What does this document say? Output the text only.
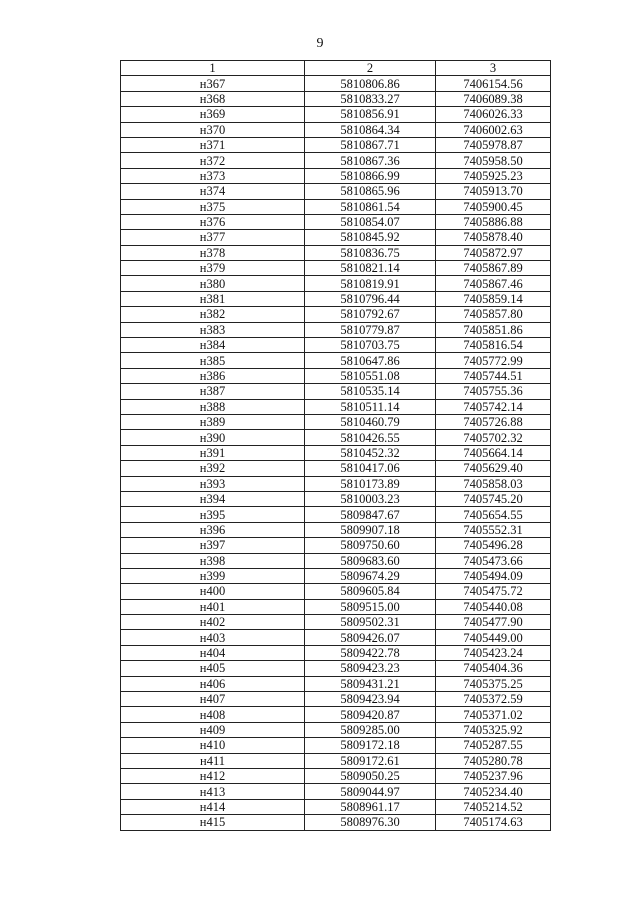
9
1	2	3
н367	5810806.86	7406154.56
н368	5810833.27	7406089.38
н369	5810856.91	7406026.33
н370	5810864.34	7406002.63
н371	5810867.71	7405978.87
н372	5810867.36	7405958.50
н373	5810866.99	7405925.23
н374	5810865.96	7405913.70
н375	5810861.54	7405900.45
н376	5810854.07	7405886.88
н377	5810845.92	7405878.40
н378	5810836.75	7405872.97
н379	5810821.14	7405867.89
н380	5810819.91	7405867.46
н381	5810796.44	7405859.14
н382	5810792.67	7405857.80
н383	5810779.87	7405851.86
н384	5810703.75	7405816.54
н385	5810647.86	7405772.99
н386	5810551.08	7405744.51
н387	5810535.14	7405755.36
н388	5810511.14	7405742.14
н389	5810460.79	7405726.88
н390	5810426.55	7405702.32
н391	5810452.32	7405664.14
н392	5810417.06	7405629.40
н393	5810173.89	7405858.03
н394	5810003.23	7405745.20
н395	5809847.67	7405654.55
н396	5809907.18	7405552.31
н397	5809750.60	7405496.28
н398	5809683.60	7405473.66
н399	5809674.29	7405494.09
н400	5809605.84	7405475.72
н401	5809515.00	7405440.08
н402	5809502.31	7405477.90
н403	5809426.07	7405449.00
н404	5809422.78	7405423.24
н405	5809423.23	7405404.36
н406	5809431.21	7405375.25
н407	5809423.94	7405372.59
н408	5809420.87	7405371.02
н409	5809285.00	7405325.92
н410	5809172.18	7405287.55
н411	5809172.61	7405280.78
н412	5809050.25	7405237.96
н413	5809044.97	7405234.40
н414	5808961.17	7405214.52
н415	5808976.30	7405174.63
